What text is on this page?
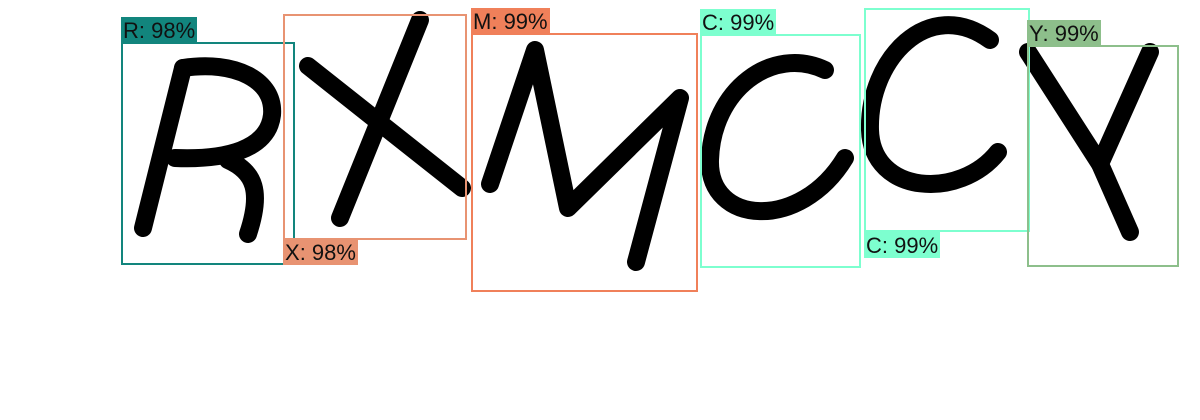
R: 98%
X: 98%
M: 99%	C: 99%
C: 99%
Y: 99%
